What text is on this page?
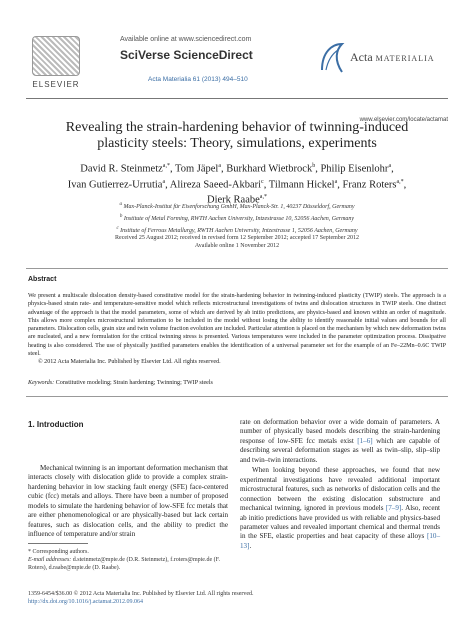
ELSEVIER
Available online at www.sciencedirect.com
SciVerse ScienceDirect
Acta Materialia 61 (2013) 494–510
Acta MATERIALIA
www.elsevier.com/locate/actamat
Revealing the strain-hardening behavior of twinning-induced plasticity steels: Theory, simulations, experiments
David R. Steinmetz$^{a,*}$, Tom Jäpel$^a$, Burkhard Wietbrock$^b$, Philip Eisenlohr$^a$,
Ivan Gutierrez-Urrutia$^a$, Alireza Saeed-Akbari$^c$, Tilmann Hickel$^a$, Franz Roters$^{a,*}$,
Dierk Raabe$^{a,*}$
$^a$ Max-Planck-Institut für Eisenforschung GmbH, Max-Planck-Str. 1, 40237 Düsseldorf, Germany
$^b$ Institute of Metal Forming, RWTH Aachen University, Intzestrasse 10, 52056 Aachen, Germany
$^c$ Institute of Ferrous Metallurgy, RWTH Aachen University, Intzestrasse 1, 52056 Aachen, Germany
Received 25 August 2012; received in revised form 12 September 2012; accepted 17 September 2012
Available online 1 November 2012
Abstract
We present a multiscale dislocation density-based constitutive model for the strain-hardening behavior in twinning-induced plasticity (TWIP) steels. The approach is a physics-based strain rate- and temperature-sensitive model which reflects microstructural investigations of twins and dislocation structures in TWIP steels. One distinct advantage of the approach is that the model parameters, some of which are derived by ab initio predictions, are physics-based and known within an order of magnitude. This allows more complex microstructural information to be included in the model without losing the ability to identify reasonable initial values and bounds for all parameters. Dislocation cells, grain size and twin volume fraction evolution are included. Particular attention is placed on the mechanism by which new deformation twins are nucleated, and a new formulation for the critical twinning stress is presented. Various temperatures were included in the parameter optimization process. Dissipative heating is also considered. The use of physically justified parameters enables the identification of a universal parameter set for the example of an Fe–22Mn–0.6C TWIP steel.
© 2012 Acta Materialia Inc. Published by Elsevier Ltd. All rights reserved.
Keywords: Constitutive modeling; Strain hardening; Twinning; TWIP steels
1. Introduction
Mechanical twinning is an important deformation mechanism that interacts closely with dislocation glide to provide a complex strain-hardening behavior in low stacking fault energy (SFE) face-centered cubic (fcc) metals and alloys. There have been a number of proposed models to simulate the hardening behavior of low-SFE fcc metals that are either phenomenological or are physically-based but lack certain features, such as dislocation cells, and the ability to predict the influence of temperature and/or strain

rate on deformation behavior over a wide domain of parameters. A number of physically based models describing the strain-hardening response of low-SFE fcc metals exist [1–6] which are capable of describing several deformation stages as well as twin–slip, slip–slip and twin–twin interactions.

When looking beyond these approaches, we found that new experimental investigations have revealed additional important microstructural features, such as networks of dislocation cells and the connection between the existing dislocation substructure and mechanical twinning, ignored in previous models [7–9]. Also, recent ab initio predictions have provided us with reliable and physics-based parameter values and revealed important chemical and thermal trends in the SFE, elastic properties and heat capacity of these alloys [10–13].

* Corresponding authors.
E-mail addresses: d.steinmetz@mpie.de (D.R. Steinmetz), f.roters@mpie.de (F. Roters), d.raabe@mpie.de (D. Raabe).
1359-6454/$36.00 © 2012 Acta Materialia Inc. Published by Elsevier Ltd. All rights reserved.
http://dx.doi.org/10.1016/j.actamat.2012.09.064
